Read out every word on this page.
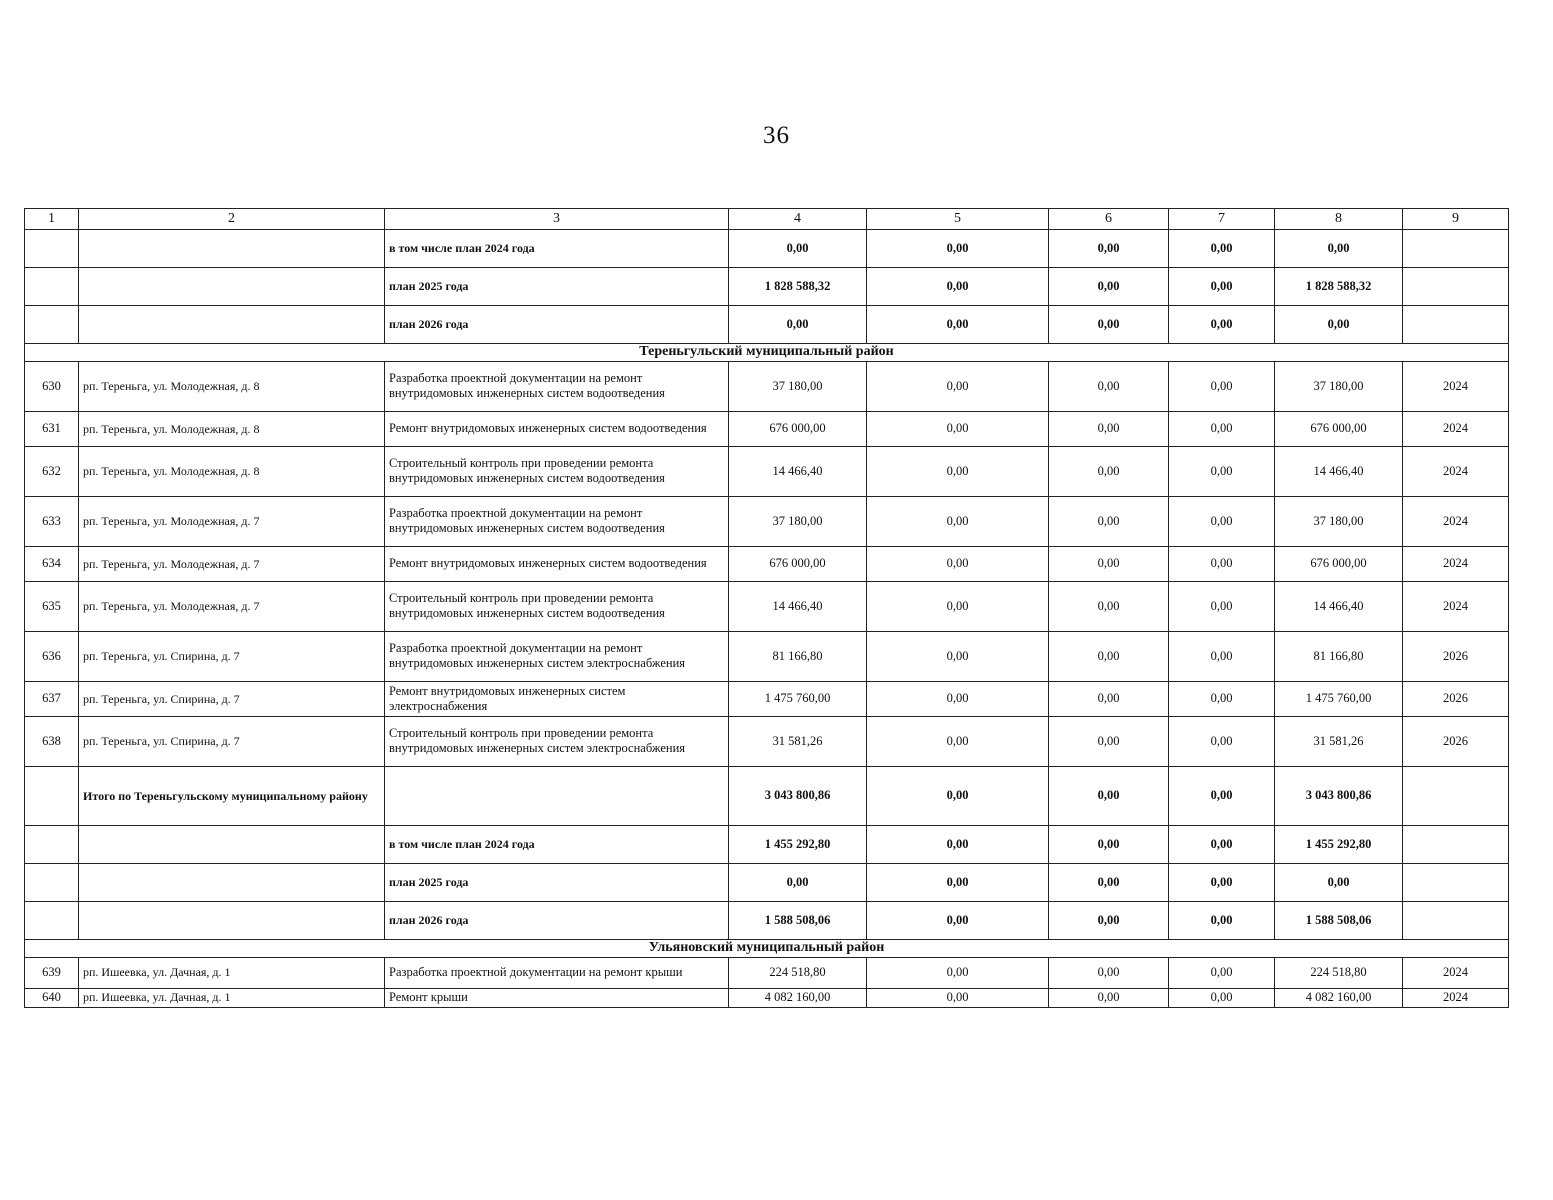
36
1	2	3	4	5	6	7	8	9
		в том числе план 2024 года	0,00	0,00	0,00	0,00	0,00	
		план 2025 года	1 828 588,32	0,00	0,00	0,00	1 828 588,32	
		план 2026 года	0,00	0,00	0,00	0,00	0,00	
Тереньгульский муниципальный район								
630	рп. Тереньга, ул. Молодежная, д. 8	Разработка проектной документации на ремонт внутридомовых инженерных систем водоотведения	37 180,00	0,00	0,00	0,00	37 180,00	2024
631	рп. Тереньга, ул. Молодежная, д. 8	Ремонт внутридомовых инженерных систем водоотведения	676 000,00	0,00	0,00	0,00	676 000,00	2024
632	рп. Тереньга, ул. Молодежная, д. 8	Строительный контроль при проведении ремонта внутридомовых инженерных систем водоотведения	14 466,40	0,00	0,00	0,00	14 466,40	2024
633	рп. Тереньга, ул. Молодежная, д. 7	Разработка проектной документации на ремонт внутридомовых инженерных систем водоотведения	37 180,00	0,00	0,00	0,00	37 180,00	2024
634	рп. Тереньга, ул. Молодежная, д. 7	Ремонт внутридомовых инженерных систем водоотведения	676 000,00	0,00	0,00	0,00	676 000,00	2024
635	рп. Тереньга, ул. Молодежная, д. 7	Строительный контроль при проведении ремонта внутридомовых инженерных систем водоотведения	14 466,40	0,00	0,00	0,00	14 466,40	2024
636	рп. Тереньга, ул. Спирина, д. 7	Разработка проектной документации на ремонт внутридомовых инженерных систем электроснабжения	81 166,80	0,00	0,00	0,00	81 166,80	2026
637	рп. Тереньга, ул. Спирина, д. 7	Ремонт внутридомовых инженерных систем электроснабжения	1 475 760,00	0,00	0,00	0,00	1 475 760,00	2026
638	рп. Тереньга, ул. Спирина, д. 7	Строительный контроль при проведении ремонта внутридомовых инженерных систем электроснабжения	31 581,26	0,00	0,00	0,00	31 581,26	2026
	Итого по Тереньгульскому муниципальному району		3 043 800,86	0,00	0,00	0,00	3 043 800,86	
		в том числе план 2024 года	1 455 292,80	0,00	0,00	0,00	1 455 292,80	
		план 2025 года	0,00	0,00	0,00	0,00	0,00	
		план 2026 года	1 588 508,06	0,00	0,00	0,00	1 588 508,06	
Ульяновский муниципальный район								
639	рп. Ишеевка, ул. Дачная, д. 1	Разработка проектной документации на ремонт крыши	224 518,80	0,00	0,00	0,00	224 518,80	2024
640	рп. Ишеевка, ул. Дачная, д. 1	Ремонт крыши	4 082 160,00	0,00	0,00	0,00	4 082 160,00	2024
